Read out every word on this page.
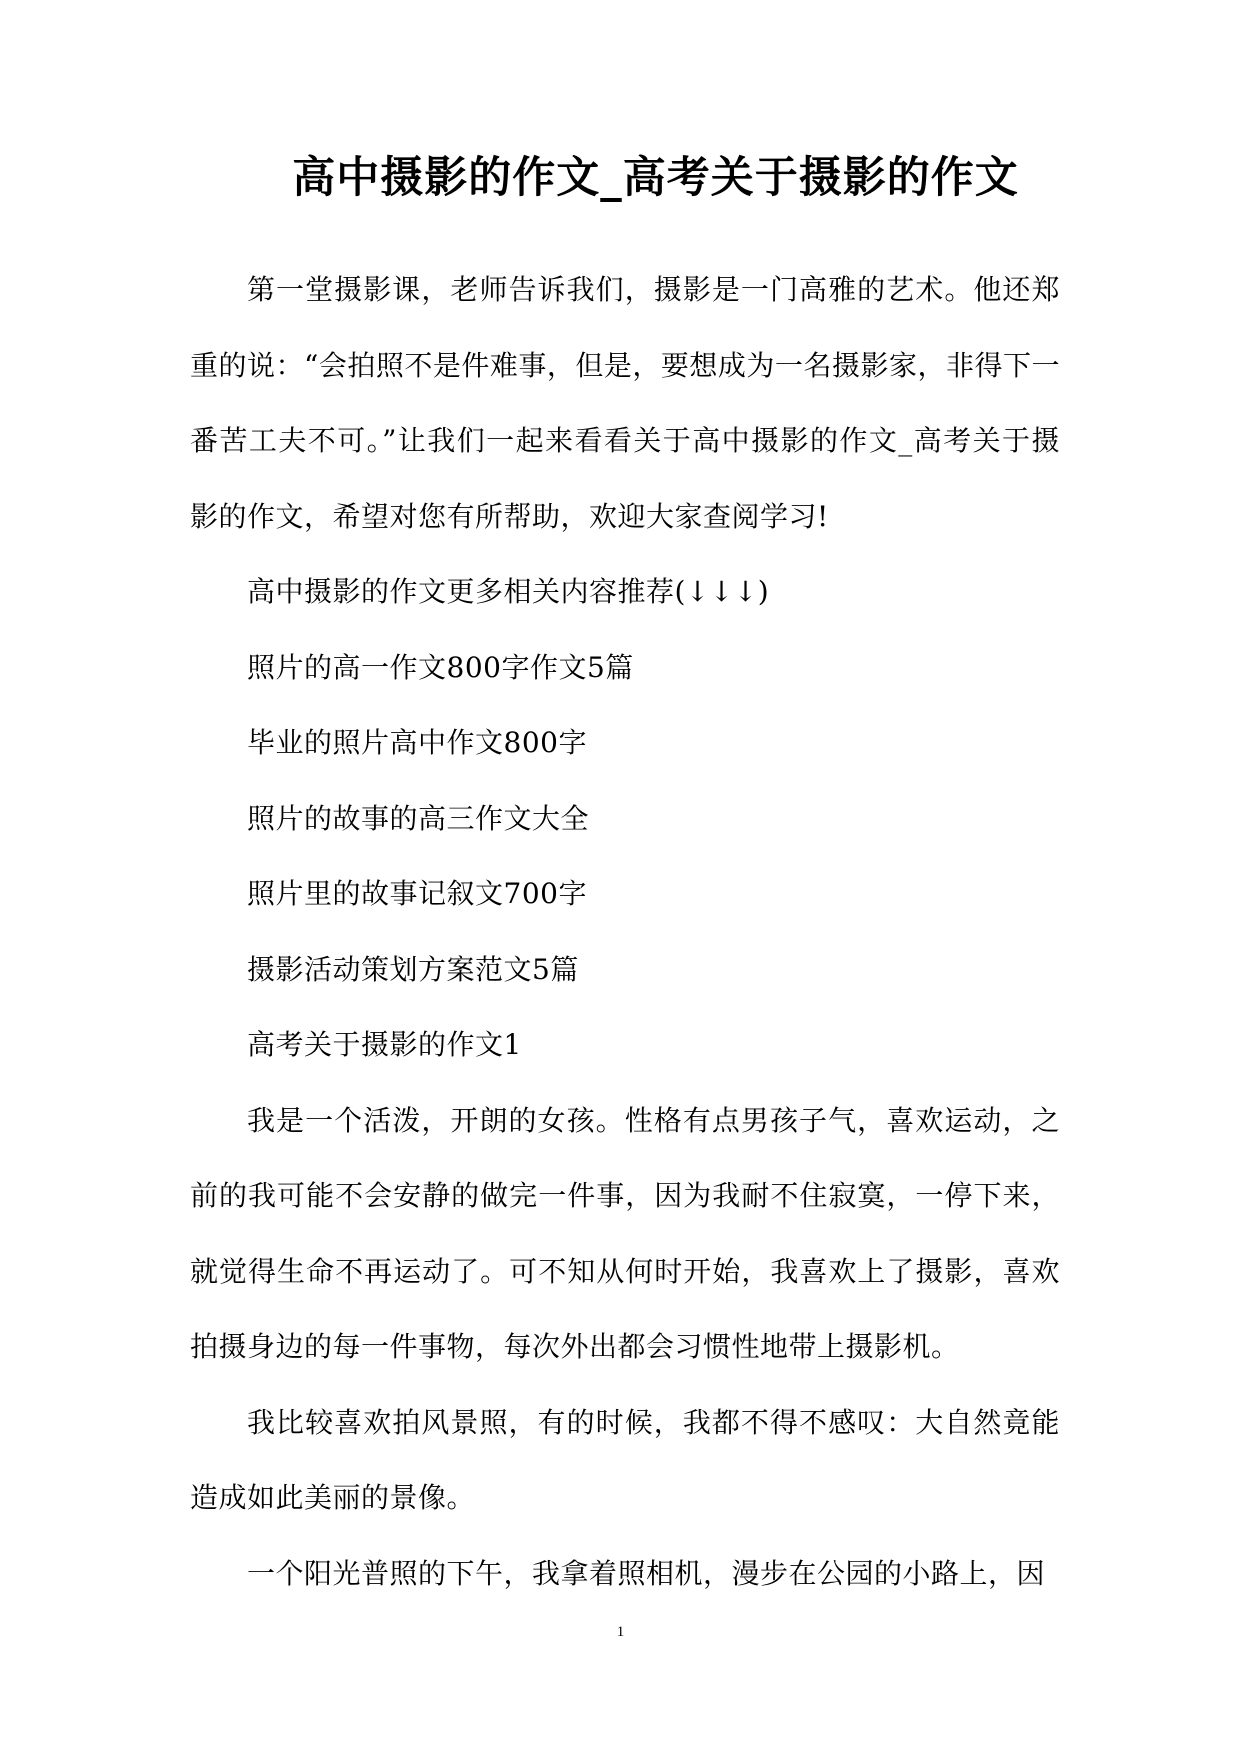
高中摄影的作文_高考关于摄影的作文

第一堂摄影课，老师告诉我们，摄影是一门高雅的艺术。他还郑重的说：“会拍照不是件难事，但是，要想成为一名摄影家，非得下一番苦工夫不可。”让我们一起来看看关于高中摄影的作文_高考关于摄影的作文，希望对您有所帮助，欢迎大家查阅学习!

高中摄影的作文更多相关内容推荐(↓↓↓)

照片的高一作文800字作文5篇

毕业的照片高中作文800字

照片的故事的高三作文大全

照片里的故事记叙文700字

摄影活动策划方案范文5篇

高考关于摄影的作文1

我是一个活泼，开朗的女孩。性格有点男孩子气，喜欢运动，之前的我可能不会安静的做完一件事，因为我耐不住寂寞，一停下来，就觉得生命不再运动了。可不知从何时开始，我喜欢上了摄影，喜欢拍摄身边的每一件事物，每次外出都会习惯性地带上摄影机。

我比较喜欢拍风景照，有的时候，我都不得不感叹：大自然竟能造成如此美丽的景像。

一个阳光普照的下午，我拿着照相机，漫步在公园的小路上，因

1
